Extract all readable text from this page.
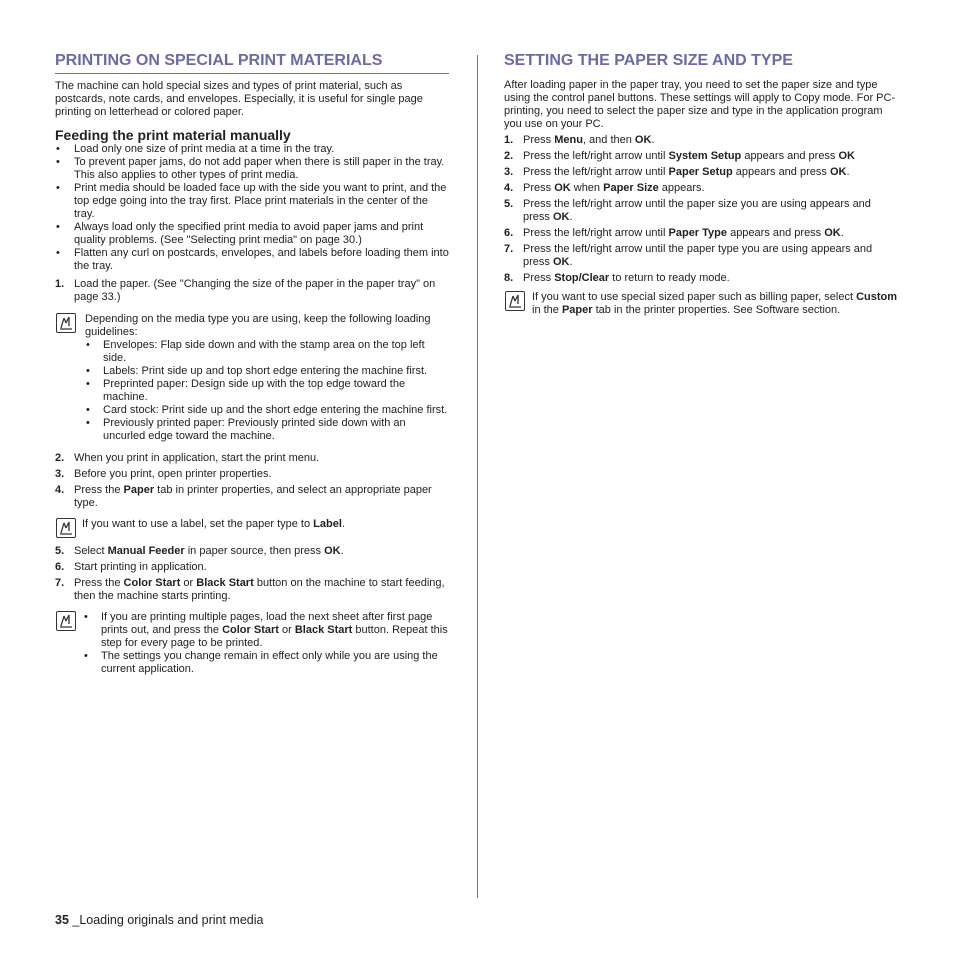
PRINTING ON SPECIAL PRINT MATERIALS

The machine can hold special sizes and types of print material, such as postcards, note cards, and envelopes. Especially, it is useful for single page printing on letterhead or colored paper.

Feeding the print material manually
• Load only one size of print media at a time in the tray.
• To prevent paper jams, do not add paper when there is still paper in the tray. This also applies to other types of print media.
• Print media should be loaded face up with the side you want to print, and the top edge going into the tray first. Place print materials in the center of the tray.
• Always load only the specified print media to avoid paper jams and print quality problems. (See "Selecting print media" on page 30.)
• Flatten any curl on postcards, envelopes, and labels before loading them into the tray.
1. Load the paper. (See "Changing the size of the paper in the paper tray" on page 33.)
Depending on the media type you are using, keep the following loading guidelines:
• Envelopes: Flap side down and with the stamp area on the top left side.
• Labels: Print side up and top short edge entering the machine first.
• Preprinted paper: Design side up with the top edge toward the machine.
• Card stock: Print side up and the short edge entering the machine first.
• Previously printed paper: Previously printed side down with an uncurled edge toward the machine.
2. When you print in application, start the print menu.
3. Before you print, open printer properties.
4. Press the Paper tab in printer properties, and select an appropriate paper type.
If you want to use a label, set the paper type to Label.
5. Select Manual Feeder in paper source, then press OK.
6. Start printing in application.
7. Press the Color Start or Black Start button on the machine to start feeding, then the machine starts printing.
• If you are printing multiple pages, load the next sheet after first page prints out, and press the Color Start or Black Start button. Repeat this step for every page to be printed.
• The settings you change remain in effect only while you are using the current application.
SETTING THE PAPER SIZE AND TYPE

After loading paper in the paper tray, you need to set the paper size and type using the control panel buttons. These settings will apply to Copy mode. For PC-printing, you need to select the paper size and type in the application program you use on your PC.

1. Press Menu, and then OK.
2. Press the left/right arrow until System Setup appears and press OK
3. Press the left/right arrow until Paper Setup appears and press OK.
4. Press OK when Paper Size appears.
5. Press the left/right arrow until the paper size you are using appears and press OK.
6. Press the left/right arrow until Paper Type appears and press OK.
7. Press the left/right arrow until the paper type you are using appears and press OK.
8. Press Stop/Clear to return to ready mode.
If you want to use special sized paper such as billing paper, select Custom in the Paper tab in the printer properties. See Software section.
35 _Loading originals and print media
